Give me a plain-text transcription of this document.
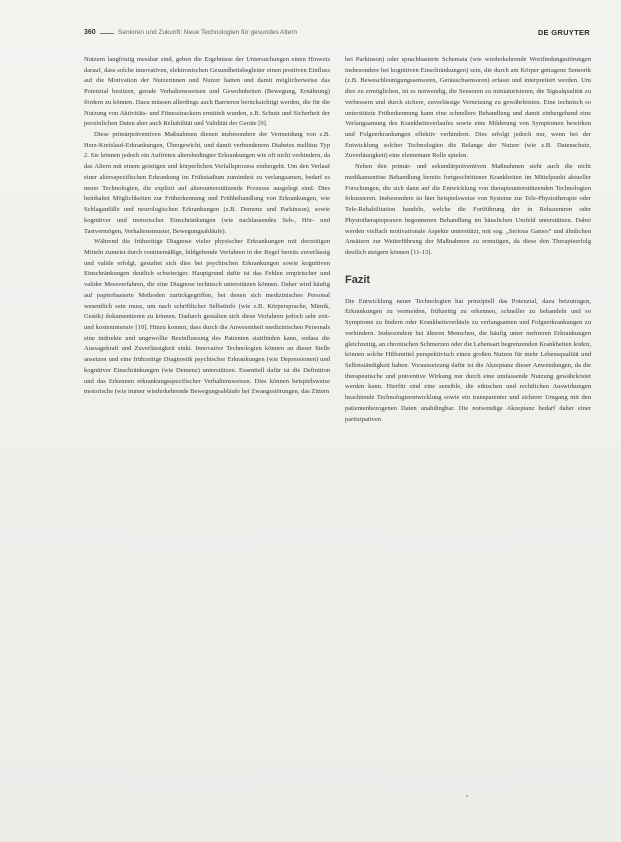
360	Senioren und Zukunft: Neue Technologien für gesundes Altern	DE GRUYTER

Nutzern langfristig messbar sind, geben die Ergebnisse der Untersuchungen einen Hinweis darauf, dass solche innovativen, elektronischen Gesundheitsbegleiter einen positiven Einfluss auf die Motivation der Nutzerinnen und Nutzer hatten und damit möglicherweise das Potenzial besitzen, gerade Verhaltensweisen und Gewohnheiten (Bewegung, Ernährung) fördern zu können. Dazu müssen allerdings auch Barrieren berücksichtigt werden, die für die Nutzung von Aktivitäts- und Fitnesstrackern ermittelt wurden, z.B. Schutz und Sicherheit der persönlichen Daten aber auch Reliabilität und Validität der Geräte [9].

Diese primärpräventiven Maßnahmen dienen insbesondere der Vermeidung von z.B. Herz-Kreislauf-Erkrankungen, Übergewicht, und damit verbundenem Diabetes mellitus Typ 2. Sie können jedoch ein Auftreten altersbedingter Erkrankungen wie oft nicht verhindern, da das Altern mit einem geistigen und körperlichen Verfallsprozess einhergeht. Um den Verlauf einer altersspezifischen Erkrankung im Frühstadium zumindest zu verlangsamen, bedarf es neuer Technologien, die explizit auf altersunterstützende Prozesse ausgelegt sind. Dies beinhaltet Möglichkeiten zur Früherkennung und Frühbehandlung von Erkrankungen, wie Schlaganfälle und neurologischen Erkrankungen (z.B. Demenz und Parkinson), sowie kognitiver und motorischer Einschränkungen (wie nachlassendes Seh-, Hör- und Tastvermögen, Verhaltensmuster, Bewegungsabläufe).

Während die frühzeitige Diagnose vieler physischer Erkrankungen mit derzeitigen Mitteln zumeist durch routinemäßige, bildgebende Verfahren in der Regel bereits zuverlässig und valide erfolgt, gestaltet sich dies bei psychischen Erkrankungen sowie kognitiven Einschränkungen deutlich schwieriger. Hauptgrund dafür ist das Fehlen empirischer und valider Messverfahren, die eine Diagnose technisch unterstützen können. Daher wird häufig auf papierbasierte Methoden zurückgegriffen, bei denen sich medizinisches Personal wesentlich sein muss, um nach schriftlicher Selbstinfo (wie z.B. Körpersprache, Mimik, Gestik) dokumentieren zu können. Dadurch gestalten sich diese Verfahren jedoch sehr zeit- und kostenintensiv [10]. Hinzu kommt, dass durch die Anwesenheit medizinischen Personals eine indirekte und ungewollte Beeinflussung des Patienten stattfinden kann, sodass die Aussagekraft und Zuverlässigkeit sinkt. Innovative Technologien können an dieser Stelle ansetzen und eine frühzeitige Diagnostik psychischer Erkrankungen (wie Depressionen) und kognitiver Einschränkungen (wie Demenz) unterstützen. Essentiell dafür ist die Definition und das Erkennen erkrankungsspezifischer Verhaltensweisen. Dies können beispielsweise motorische (wie immer wiederkehrende Bewegungsabläufe bei Zwangsstörungen, das Zittern

bei Parkinson) oder sprachbasierte Schemata (wie wiederkehrende Wortfindungsstörungen insbesondere bei kognitiven Einschränkungen) sein, die durch am Körper getragene Sensorik (z.B. Beweschleunigungssensoren, Geräuschsensoren) erfasst und interpretiert werden. Um dies zu ermöglichen, ist es notwendig, die Sensoren zu miniaturisieren, die Signalqualität zu verbessern und durch sichere, zuverlässige Vernetzung zu gewährleisten. Eine technisch so unterstützte Früherkennung kann eine schnellere Behandlung und damit einhergehend eine Verlangsamung des Krankheitsverlaufes sowie eine Milderung von Symptomen bewirken und Folgeerkrankungen effektiv verhindern. Dies erfolgt jedoch nur, wenn bei der Entwicklung solcher Technologien die Belange der Nutzer (wie z.B. Datenschutz, Zuverlässigkeit) eine elementare Rolle spielen.

Neben den primär- und sekundärpräventiven Maßnahmen sieht auch die nicht medikamentöse Behandlung bereits fortgeschrittener Krankheiten im Mittelpunkt aktueller Forschungen, die sich dann auf die Entwicklung von therapieunterstützenden Technologien fokussieren. Insbesondere ist hier beispielsweise von Systeme zur Tele-Physiotherapie oder Tele-Rehabilitation handeln, welche die Fortführung der in Rehazentren oder Physiotherapiepraxen begonnenen Behandlung im häuslichen Umfeld unterstützen. Dabei werden vielfach motivationale Aspekte unterstützt, mit sog. „Serious Games“ und ähnlichen Ansätzen zur Weiterführung der Maßnahmen zu ermutigen, da diese den Therapieerfolg deutlich steigern können [11-13].

Fazit

Die Entwicklung neuer Technologien hat prinzipiell das Potenzial, dazu beizutragen, Erkrankungen zu vermeiden, frühzeitig zu erkennen, schneller zu behandeln und so Symptome zu lindern oder Krankheitsverläufe zu verlangsamen und Folgeerkrankungen zu verhindern. Insbesondere bei älteren Menschen, die häufig unter mehreren Erkrankungen gleichzeitig, an chronischen Schmerzen oder die Lebensart begrenzenden Krankheiten leiden, können solche Hilfsmittel perspektivisch einen großen Nutzen für mehr Lebensqualität und Selbstständigkeit haben. Voraussetzung dafür ist die Akzeptanz dieser Anwendungen, da die therapeutische und präventive Wirkung nur durch eine umfassende Nutzung gewährleistet werden kann. Hierfür sind eine sensible, die ethischen und rechtlichen Auswirkungen beachtende Technologieentwicklung sowie ein transparenter und sicherer Umgang mit den patientenbezogenen Daten unabdingbar. Die notwendige Akzeptanz bedarf daher einer partizipativen
